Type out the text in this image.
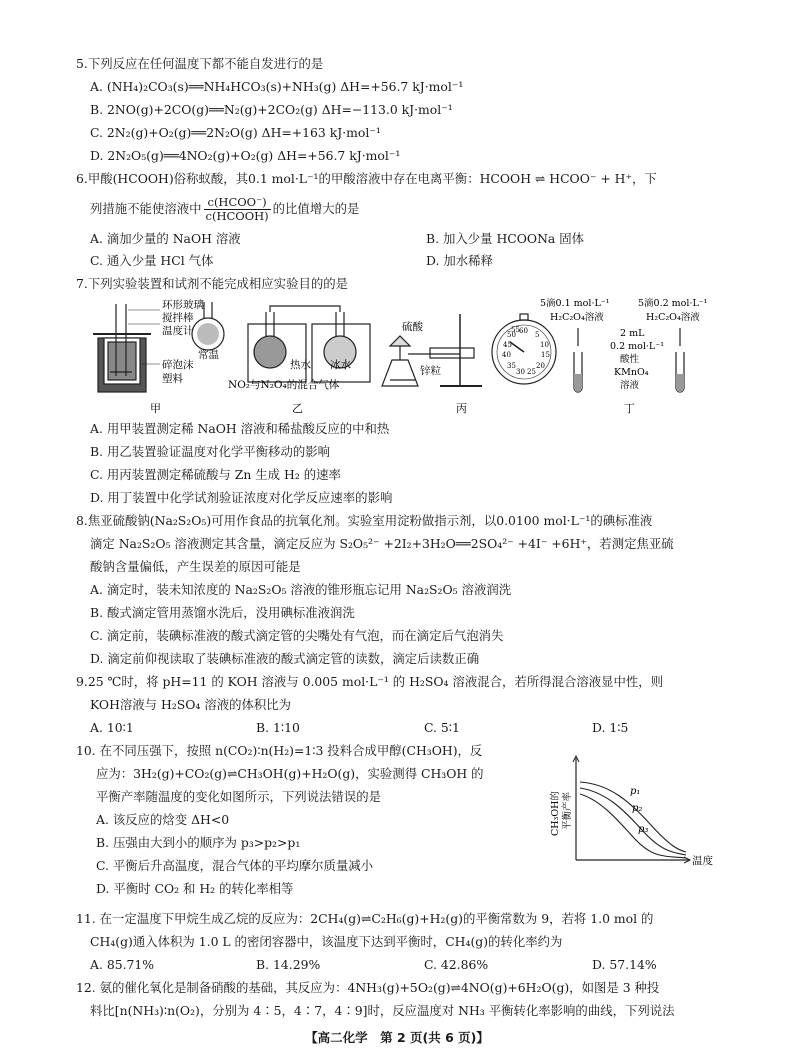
5.下列反应在任何温度下都不能自发进行的是
A. (NH₄)₂CO₃(s)══NH₄HCO₃(s)+NH₃(g) ΔH=+56.7 kJ·mol⁻¹
B. 2NO(g)+2CO(g)══N₂(g)+2CO₂(g) ΔH=−113.0 kJ·mol⁻¹
C. 2N₂(g)+O₂(g)══2N₂O(g) ΔH=+163 kJ·mol⁻¹
D. 2N₂O₅(g)══4NO₂(g)+O₂(g) ΔH=+56.7 kJ·mol⁻¹
6.甲酸(HCOOH)俗称蚁酸，其0.1 mol·L⁻¹的甲酸溶液中存在电离平衡：HCOOH ⇌ HCOO⁻ + H⁺，下
列措施不能使溶液中 $\frac{\text{c(HCOO⁻)}}{\text{c(HCOOH)}}$ 的比值增大的是
A. 滴加少量的 NaOH 溶液	B. 加入少量 HCOONa 固体
C. 通入少量 HCl 气体	D. 加水稀释
7.下列实验装置和试剂不能完成相应实验目的的是
环形玻璃
搅拌棒
温度计
碎泡沫
塑料
甲
常温
热水 冰水
NO₂与N₂O₄的混合气体
乙
60 5
10
15
20
25
30
35
40
45
50
55
硫酸
锌粒
丙
5滴0.1 mol·L⁻¹
H₂C₂O₄溶液
5滴0.2 mol·L⁻¹
H₂C₂O₄溶液
2 mL
0.2 mol·L⁻¹
酸性
KMnO₄
溶液
丁
A. 用甲装置测定稀 NaOH 溶液和稀盐酸反应的中和热
B. 用乙装置验证温度对化学平衡移动的影响
C. 用丙装置测定稀硫酸与 Zn 生成 H₂ 的速率
D. 用丁装置中化学试剂验证浓度对化学反应速率的影响
8.焦亚硫酸钠(Na₂S₂O₅)可用作食品的抗氧化剂。实验室用淀粉做指示剂，以0.0100 mol·L⁻¹的碘标准液
滴定 Na₂S₂O₅ 溶液测定其含量，滴定反应为 S₂O₅²⁻ +2I₂+3H₂O══2SO₄²⁻ +4I⁻ +6H⁺，若测定焦亚硫
酸钠含量偏低，产生误差的原因可能是
A. 滴定时，装未知浓度的 Na₂S₂O₅ 溶液的锥形瓶忘记用 Na₂S₂O₅ 溶液润洗
B. 酸式滴定管用蒸馏水洗后，没用碘标准液润洗
C. 滴定前，装碘标准液的酸式滴定管的尖嘴处有气泡，而在滴定后气泡消失
D. 滴定前仰视读取了装碘标准液的酸式滴定管的读数，滴定后读数正确
9.25 ℃时，将 pH=11 的 KOH 溶液与 0.005 mol·L⁻¹ 的 H₂SO₄ 溶液混合，若所得混合溶液显中性，则
KOH溶液与 H₂SO₄ 溶液的体积比为
A. 10∶1	B. 1∶10	C. 5∶1	D. 1∶5
10. 在不同压强下，按照 n(CO₂)∶n(H₂)=1∶3 投料合成甲醇(CH₃OH)，反
应为：3H₂(g)+CO₂(g)⇌CH₃OH(g)+H₂O(g)，实验测得 CH₃OH 的
平衡产率随温度的变化如图所示，下列说法错误的是
A. 该反应的焓变 ΔH<0
B. 压强由大到小的顺序为 p₃>p₂>p₁
C. 平衡后升高温度，混合气体的平均摩尔质量减小
D. 平衡时 CO₂ 和 H₂ 的转化率相等
p₁
p₂
p₃
温度
CH₃OH的 平衡产率
11. 在一定温度下甲烷生成乙烷的反应为：2CH₄(g)⇌C₂H₆(g)+H₂(g)的平衡常数为 9，若将 1.0 mol 的
CH₄(g)通入体积为 1.0 L 的密闭容器中，该温度下达到平衡时，CH₄(g)的转化率约为
A. 85.71%	B. 14.29%	C. 42.86%	D. 57.14%
12. 氨的催化氧化是制备硝酸的基础，其反应为：4NH₃(g)+5O₂(g)⇌4NO(g)+6H₂O(g)，如图是 3 种投
料比[n(NH₃)∶n(O₂)，分别为 4∶5，4∶7，4∶9]时，反应温度对 NH₃ 平衡转化率影响的曲线，下列说法
【高二化学　第 2 页(共 6 页)】
